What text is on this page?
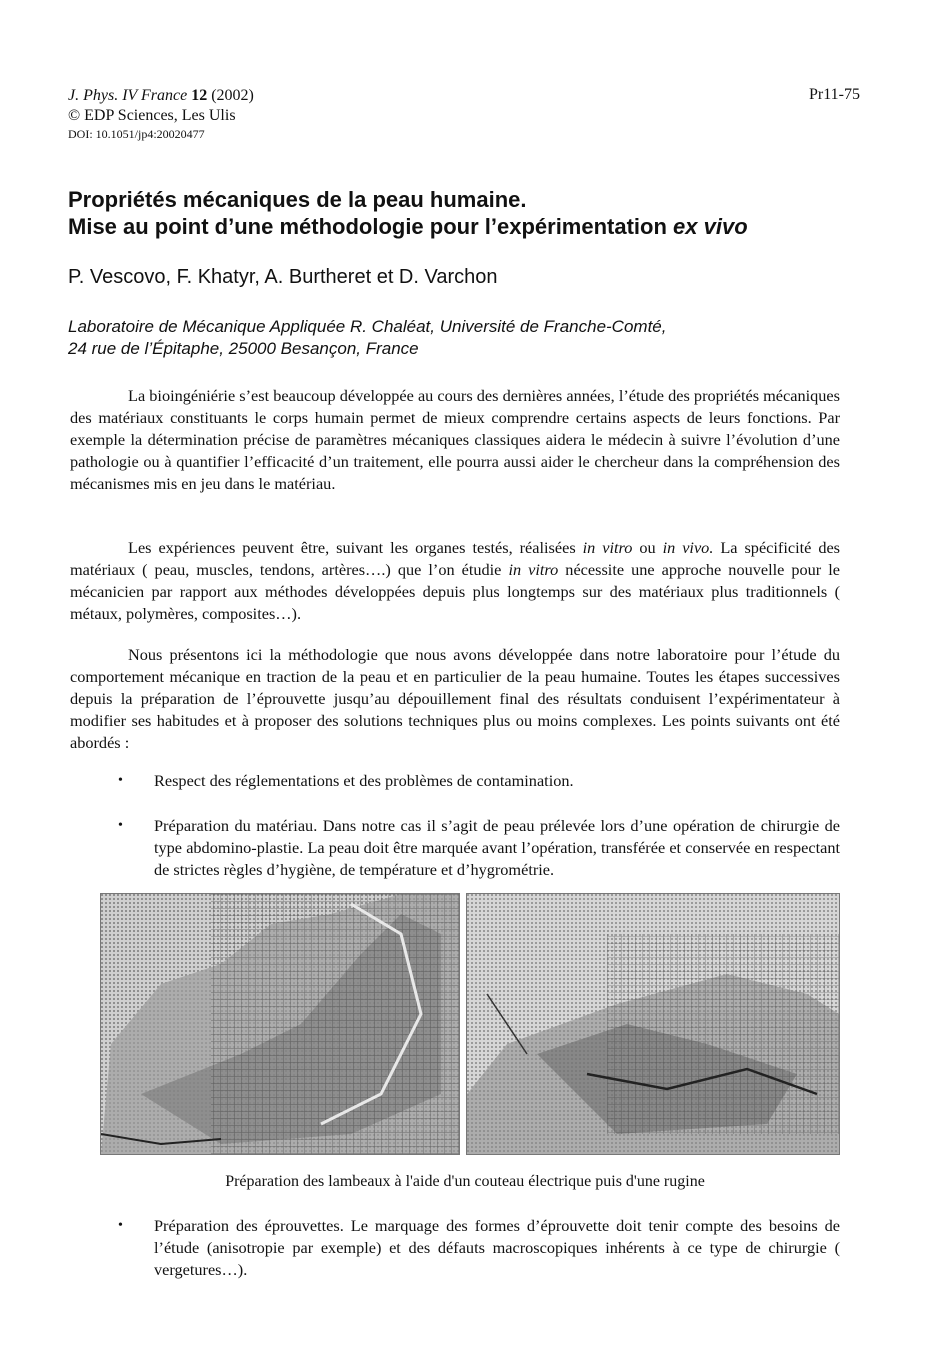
J. Phys. IV France 12 (2002)
© EDP Sciences, Les Ulis
DOI: 10.1051/jp4:20020477
Pr11-75
Propriétés mécaniques de la peau humaine.
Mise au point d’une méthodologie pour l’expérimentation ex vivo
P. Vescovo, F. Khatyr, A. Burtheret et D. Varchon
Laboratoire de Mécanique Appliquée R. Chaléat, Université de Franche-Comté,
24 rue de l’Épitaphe, 25000 Besançon, France

La bioingéniérie s’est beaucoup développée au cours des dernières années, l’étude des propriétés mécaniques des matériaux constituants le corps humain permet de mieux comprendre certains aspects de leurs fonctions. Par exemple la détermination précise de paramètres mécaniques classiques aidera le médecin à suivre l’évolution d’une pathologie ou à quantifier l’efficacité d’un traitement, elle pourra aussi aider le chercheur dans la compréhension des mécanismes mis en jeu dans le matériau.

Les expériences peuvent être, suivant les organes testés, réalisées in vitro ou in vivo. La spécificité des matériaux ( peau, muscles, tendons, artères….) que l’on étudie in vitro nécessite une approche nouvelle pour le mécanicien par rapport aux méthodes développées depuis plus longtemps sur des matériaux plus traditionnels ( métaux, polymères, composites…).

Nous présentons ici la méthodologie que nous avons développée dans notre laboratoire pour l’étude du comportement mécanique en traction de la peau et en particulier de la peau humaine. Toutes les étapes successives depuis la préparation de l’éprouvette jusqu’au dépouillement final des résultats conduisent l’expérimentateur à modifier ses habitudes et à proposer des solutions techniques plus ou moins complexes. Les points suivants ont été abordés :

• Respect des réglementations et des problèmes de contamination.
• Préparation du matériau. Dans notre cas il s’agit de peau prélevée lors d’une opération de chirurgie de type abdomino-plastie. La peau doit être marquée avant l’opération, transférée et conservée en respectant de strictes règles d’hygiène, de température et d’hygrométrie.
Préparation des lambeaux à l'aide d'un couteau électrique puis d'une rugine
• Préparation des éprouvettes. Le marquage des formes d’éprouvette doit tenir compte des besoins de l’étude (anisotropie par exemple) et des défauts macroscopiques inhérents à ce type de chirurgie ( vergetures…).
